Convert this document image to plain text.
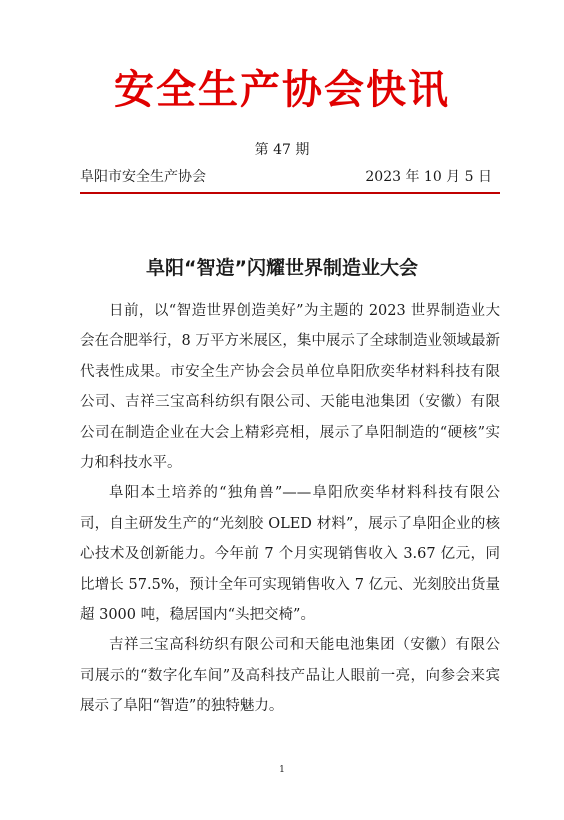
安全生产协会快讯
第 47 期
阜阳市安全生产协会	2023 年 10 月 5 日
阜阳“智造”闪耀世界制造业大会

日前，以“智造世界创造美好”为主题的 2023 世界制造业大会在合肥举行，8 万平方米展区，集中展示了全球制造业领域最新代表性成果。市安全生产协会会员单位阜阳欣奕华材料科技有限公司、吉祥三宝高科纺织有限公司、天能电池集团（安徽）有限公司在制造企业在大会上精彩亮相，展示了阜阳制造的“硬核”实力和科技水平。

阜阳本土培养的“独角兽”——阜阳欣奕华材料科技有限公司，自主研发生产的“光刻胶 OLED 材料”，展示了阜阳企业的核心技术及创新能力。今年前 7 个月实现销售收入 3.67 亿元，同比增长 57.5%，预计全年可实现销售收入 7 亿元、光刻胶出货量超 3000 吨，稳居国内“头把交椅”。

吉祥三宝高科纺织有限公司和天能电池集团（安徽）有限公司展示的“数字化车间”及高科技产品让人眼前一亮，向参会来宾展示了阜阳“智造”的独特魅力。

1
